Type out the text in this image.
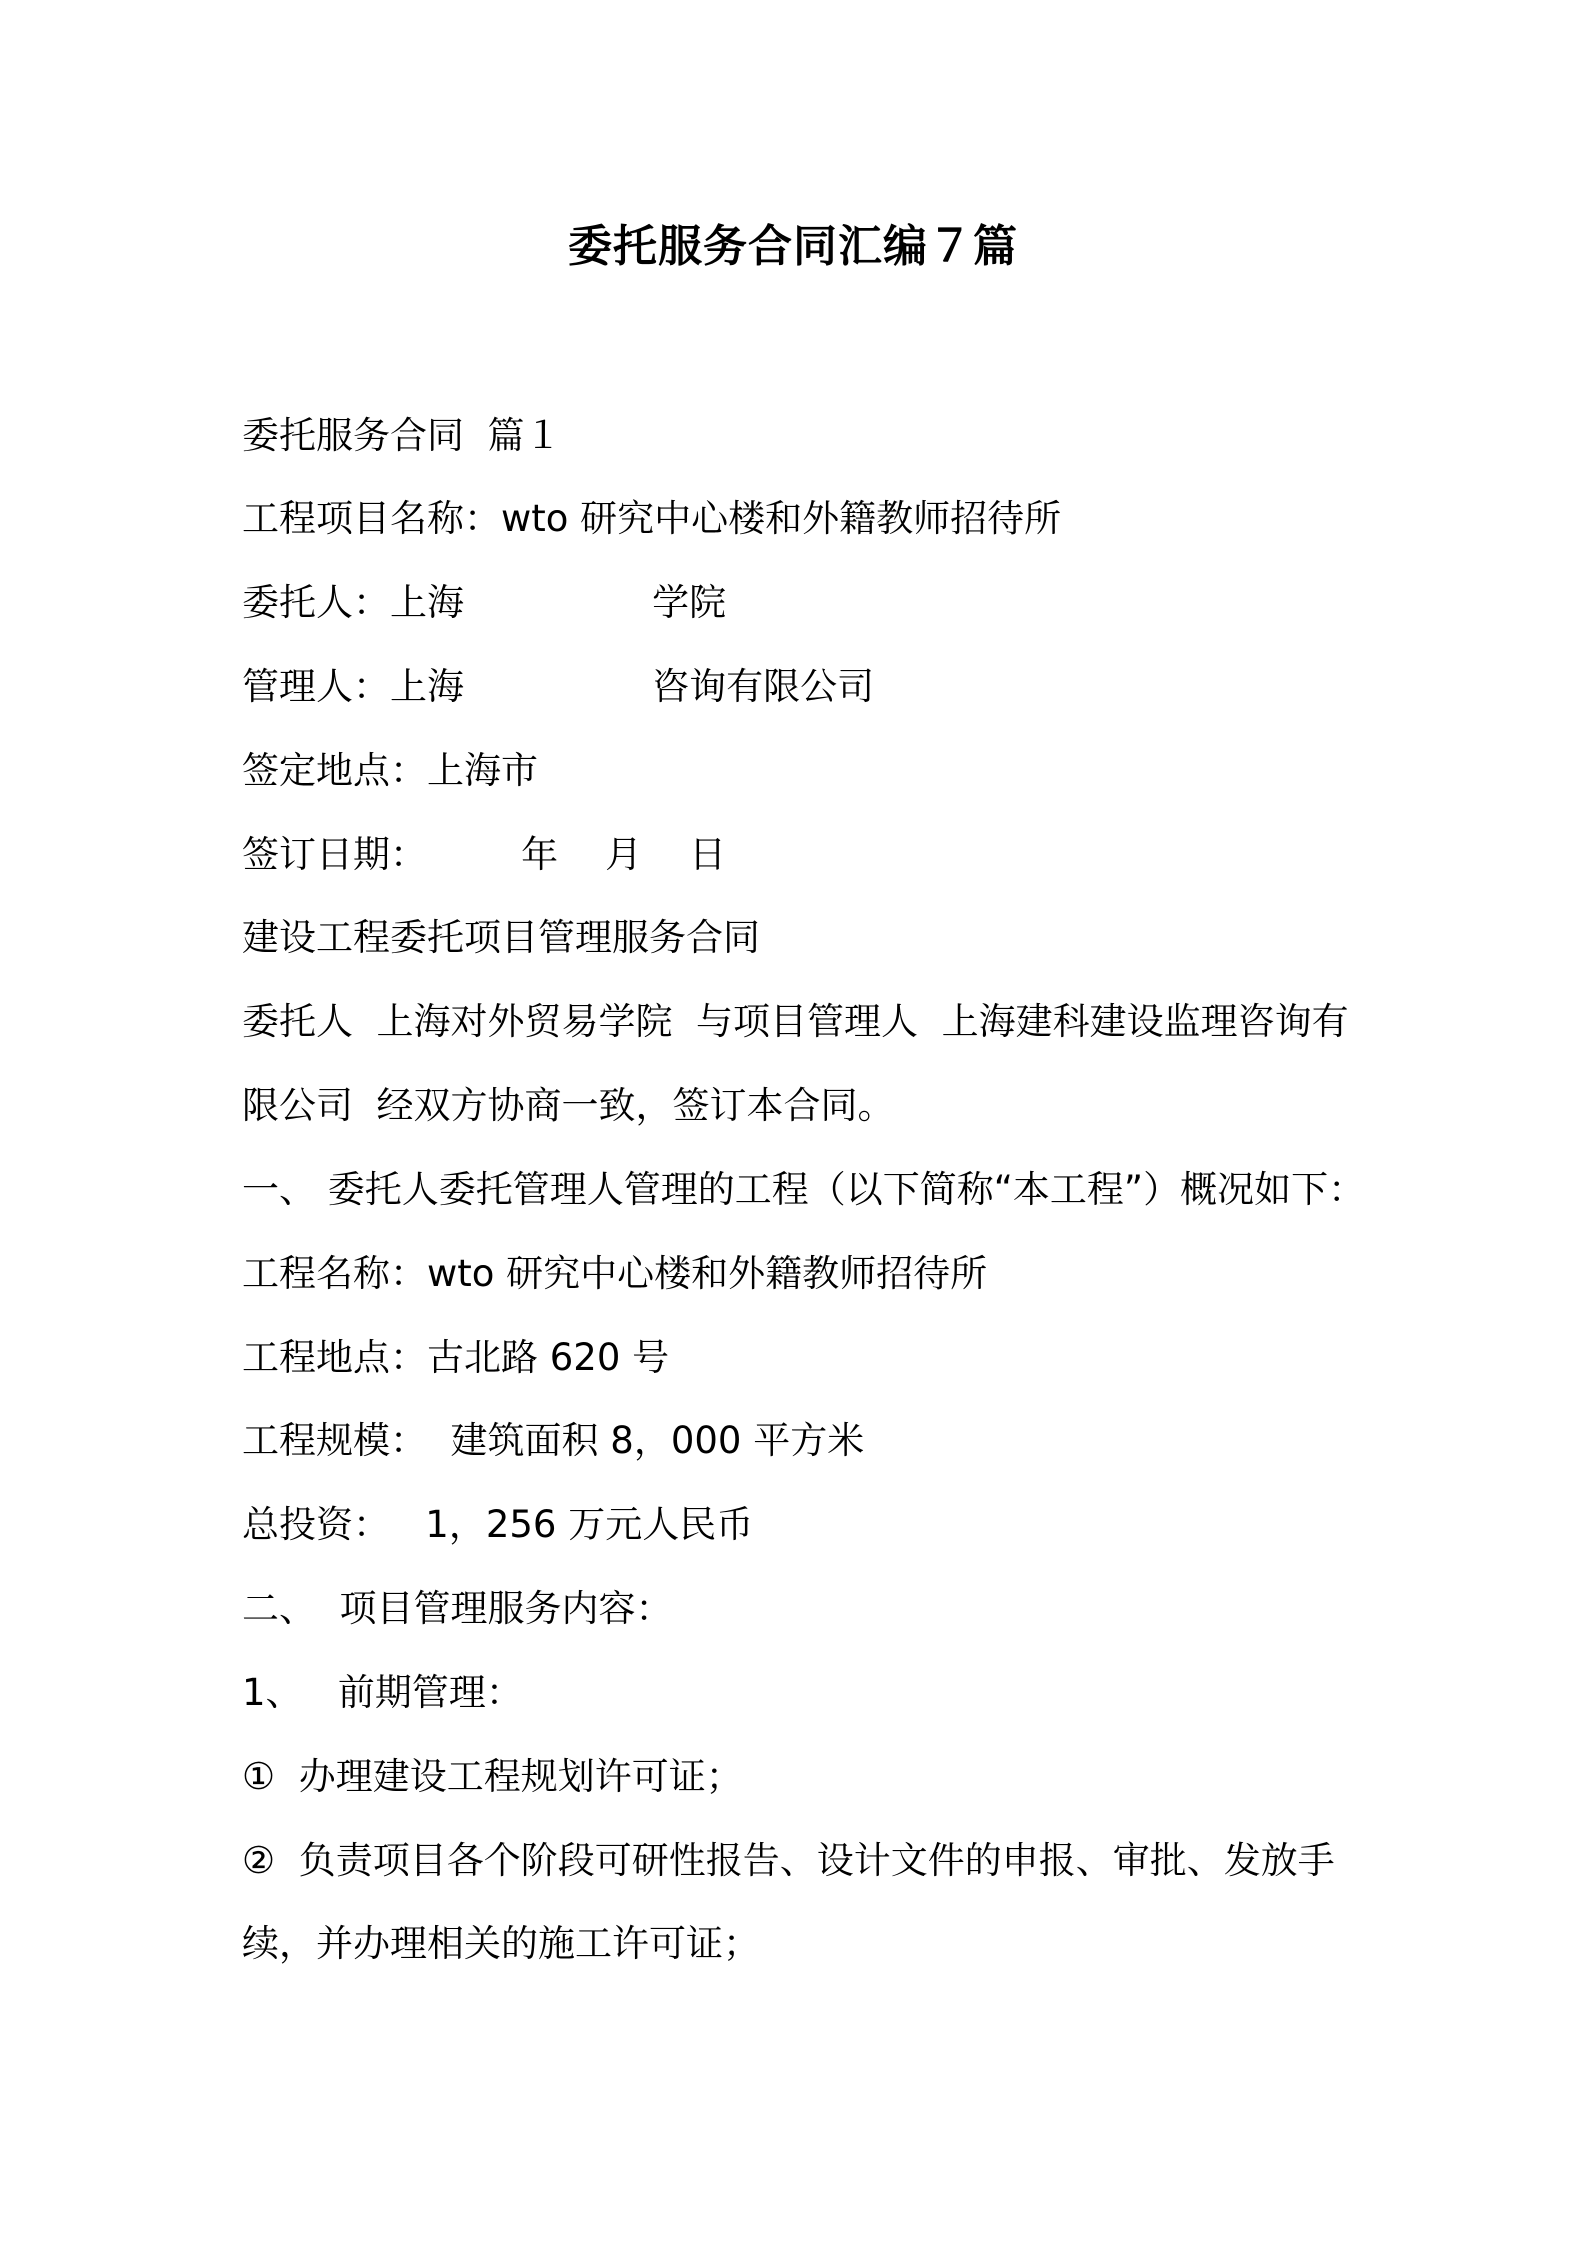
委托服务合同汇编７篇
委托服务合同  篇１
工程项目名称：wto 研究中心楼和外籍教师招待所
委托人：上海                学院
管理人：上海                咨询有限公司
签定地点：上海市
签订日期：        年    月    日
建设工程委托项目管理服务合同
委托人  上海对外贸易学院  与项目管理人  上海建科建设监理咨询有
限公司  经双方协商一致，签订本合同。
一、 委托人委托管理人管理的工程（以下简称“本工程”）概况如下：
工程名称：wto 研究中心楼和外籍教师招待所
工程地点：古北路 620 号
工程规模：  建筑面积 8，000 平方米
总投资：   1，256 万元人民币
二、  项目管理服务内容：
1、   前期管理：
①  办理建设工程规划许可证；
②  负责项目各个阶段可研性报告、设计文件的申报、审批、发放手
续，并办理相关的施工许可证；
